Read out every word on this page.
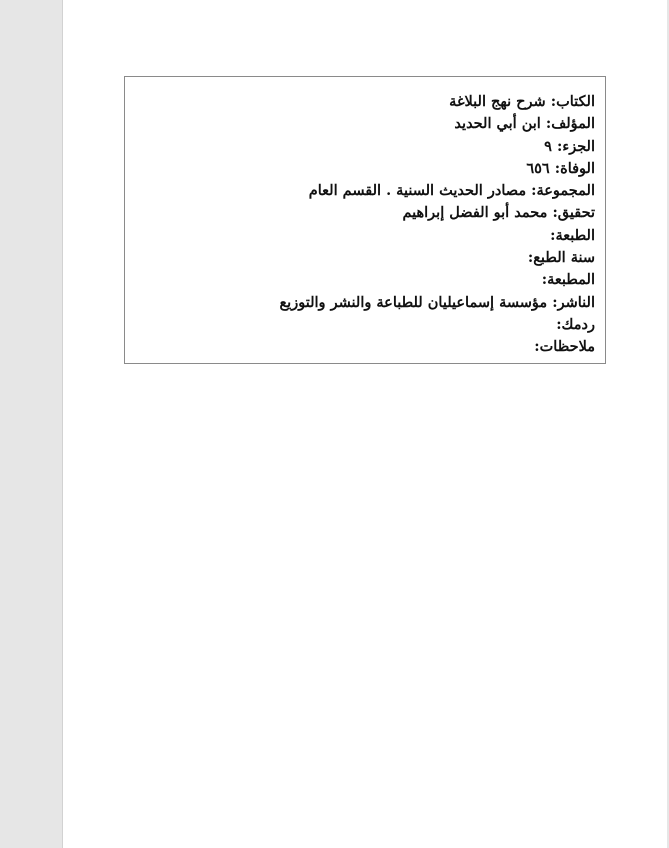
الكتاب : شرح نهج البلاغة
المؤلف : ابن أبي الحديد
الجزء : ٩
الوفاة : ٦٥٦
المجموعة : مصادر الحديث السنية . القسم العام
تحقيق : محمد أبو الفضل إبراهيم
الطبعة :
سنة الطبع :
المطبعة :
الناشر : مؤسسة إسماعيليان للطباعة والنشر والتوزيع
ردمك :
ملاحظات :
